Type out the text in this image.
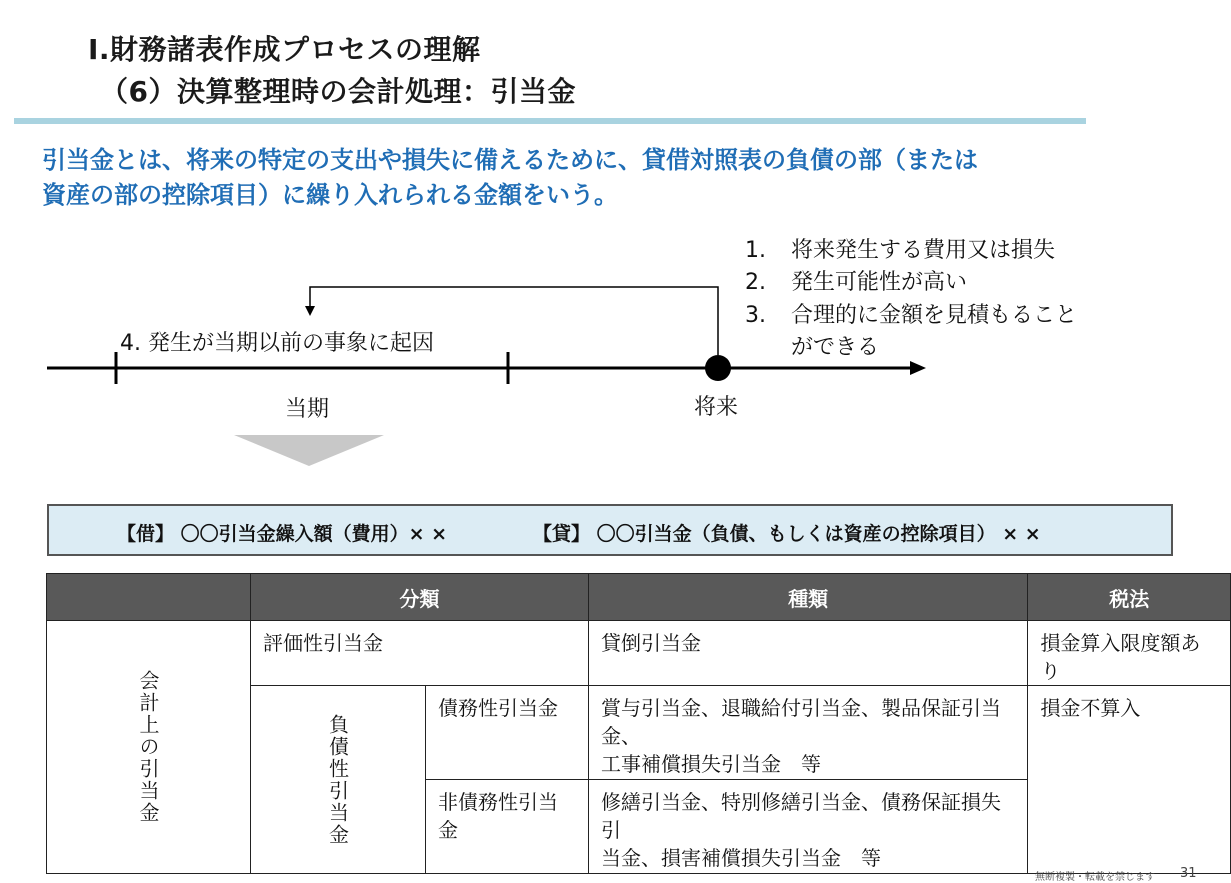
Ⅰ.財務諸表作成プロセスの理解
（6）決算整理時の会計処理：引当金
引当金とは、将来の特定の支出や損失に備えるために、貸借対照表の負債の部（または
資産の部の控除項目）に繰り入れられる金額をいう。
4. 発生が当期以前の事象に起因
当期	将来
1. 将来発生する費用又は損失
2. 発生可能性が高い
3. 合理的に金額を見積もること
ができる
【借】 〇〇引当金繰入額（費用）× ×	【貸】 〇〇引当金（負債、もしくは資産の控除項目） × ×
	分類		種類	税法
会計上の引当金	評価性引当金		貸倒引当金	損金算入限度額あり
	負債性引当金	債務性引当金	賞与引当金、退職給付引当金、製品保証引当金、
工事補償損失引当金　等	損金不算入
		非債務性引当金	修繕引当金、特別修繕引当金、債務保証損失引
当金、損害補償損失引当金　等	
無断複製・転載を禁じます 31
